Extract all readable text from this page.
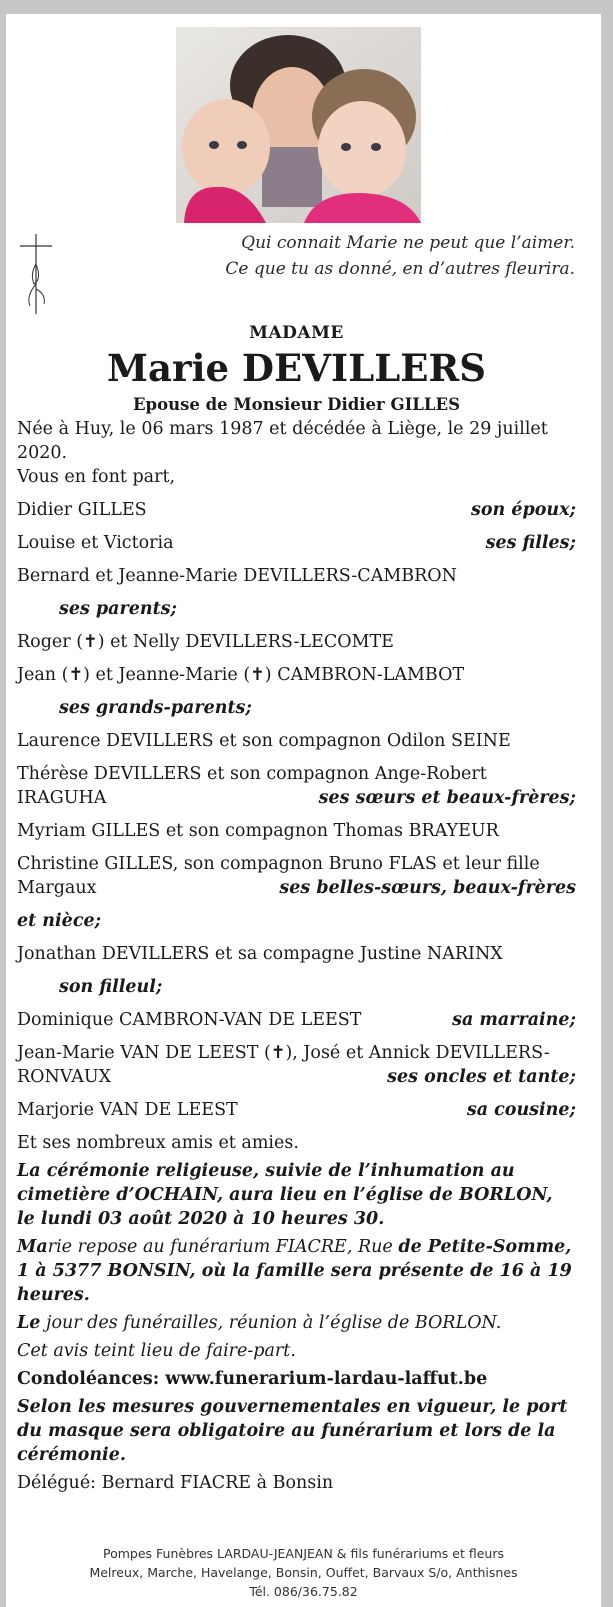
Qui connait Marie ne peut que l’aimer.
Ce que tu as donné, en d’autres fleurira.
MADAME
Marie DEVILLERS
Epouse de Monsieur Didier GILLES
Née à Huy, le 06 mars 1987 et décédée à Liège, le 29 juillet 2020.
Vous en font part,
Didier GILLES	son époux;
Louise et Victoria	ses filles;
Bernard et Jeanne-Marie DEVILLERS-CAMBRON
ses parents;
Roger (✝) et Nelly DEVILLERS-LECOMTE
Jean (✝) et Jeanne-Marie (✝) CAMBRON-LAMBOT
ses grands-parents;
Laurence DEVILLERS et son compagnon Odilon SEINE
Thérèse DEVILLERS et son compagnon Ange-Robert
IRAGUHA	ses sœurs et beaux-frères;
Myriam GILLES et son compagnon Thomas BRAYEUR
Christine GILLES, son compagnon Bruno FLAS et leur fille
Margaux	ses belles-sœurs, beaux-frères
et nièce;
Jonathan DEVILLERS et sa compagne Justine NARINX
son filleul;
Dominique CAMBRON-VAN DE LEEST	sa marraine;
Jean-Marie VAN DE LEEST (✝), José et Annick DEVILLERS-
RONVAUX	ses oncles et tante;
Marjorie VAN DE LEEST	sa cousine;
Et ses nombreux amis et amies.
La cérémonie religieuse, suivie de l’inhumation au cimetière d’OCHAIN, aura lieu en l’église de BORLON, le lundi 03 août 2020 à 10 heures 30.
Marie repose au funérarium FIACRE, Rue de Petite-Somme, 1 à 5377 BONSIN, où la famille sera présente de 16 à 19 heures.
Le jour des funérailles, réunion à l’église de BORLON.
Cet avis teint lieu de faire-part.
Condoléances: www.funerarium-lardau-laffut.be
Selon les mesures gouvernementales en vigueur, le port du masque sera obligatoire au funérarium et lors de la cérémonie.
Délégué: Bernard FIACRE à Bonsin
Pompes Funèbres LARDAU-JEANJEAN & fils funérariums et fleurs
Melreux, Marche, Havelange, Bonsin, Ouffet, Barvaux S/o, Anthisnes
Tél. 086/36.75.82
